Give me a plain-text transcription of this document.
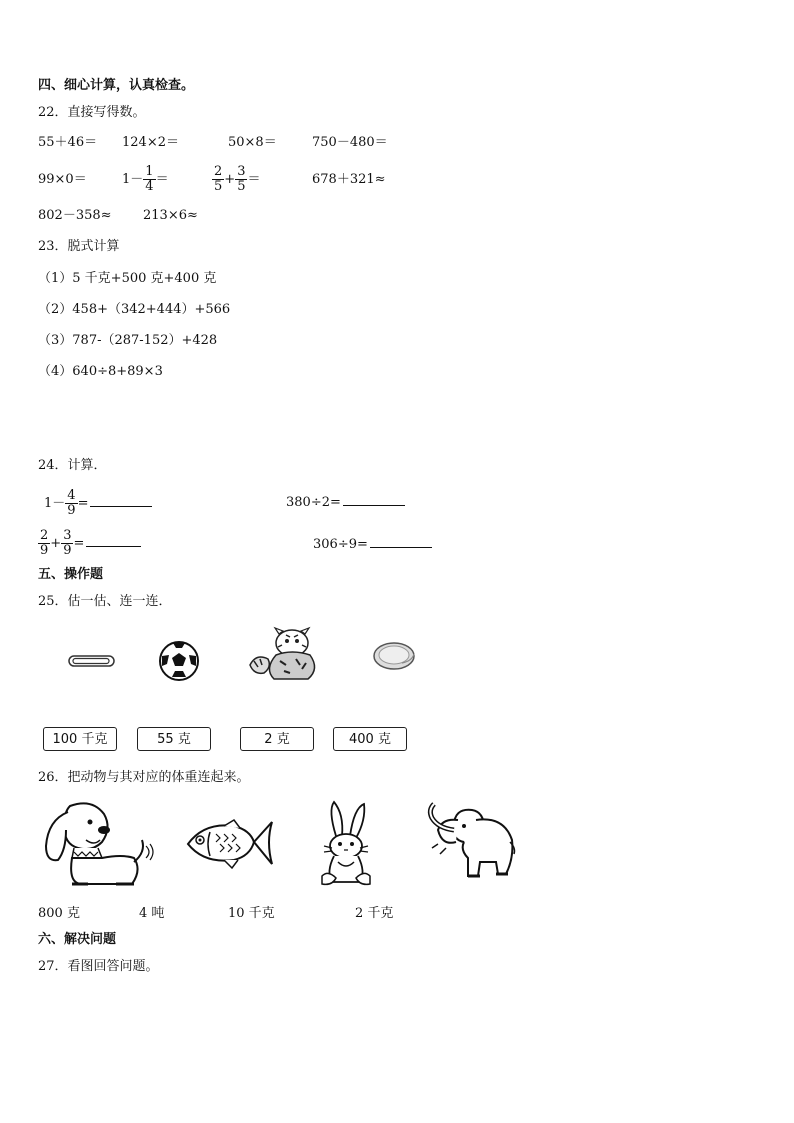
四、细心计算，认真检查。
22．直接写得数。
55＋46＝ 124×2＝	50×8＝	750－480＝
99×0＝	$1- \frac{1}{4}$ ＝	$\frac{2}{5} + \frac{3}{5}$ ＝	678＋321≈
802－358≈ 213×6≈
23．脱式计算
（1）5 千克+500 克+400 克
（2）458+（342+444）+566
（3）787-（287-152）+428
（4）640÷8+89×3
24．计算．
$1- \frac{4}{9}$ =	380÷2=
$\frac{2}{9} + \frac{3}{9}$ =	306÷9=
五、操作题
25．估一估、连一连．
100 千克	55 克	2 克	400 克
26．把动物与其对应的体重连起来。
800 克	4 吨	10 千克	2 千克
六、解决问题
27．看图回答问题。
